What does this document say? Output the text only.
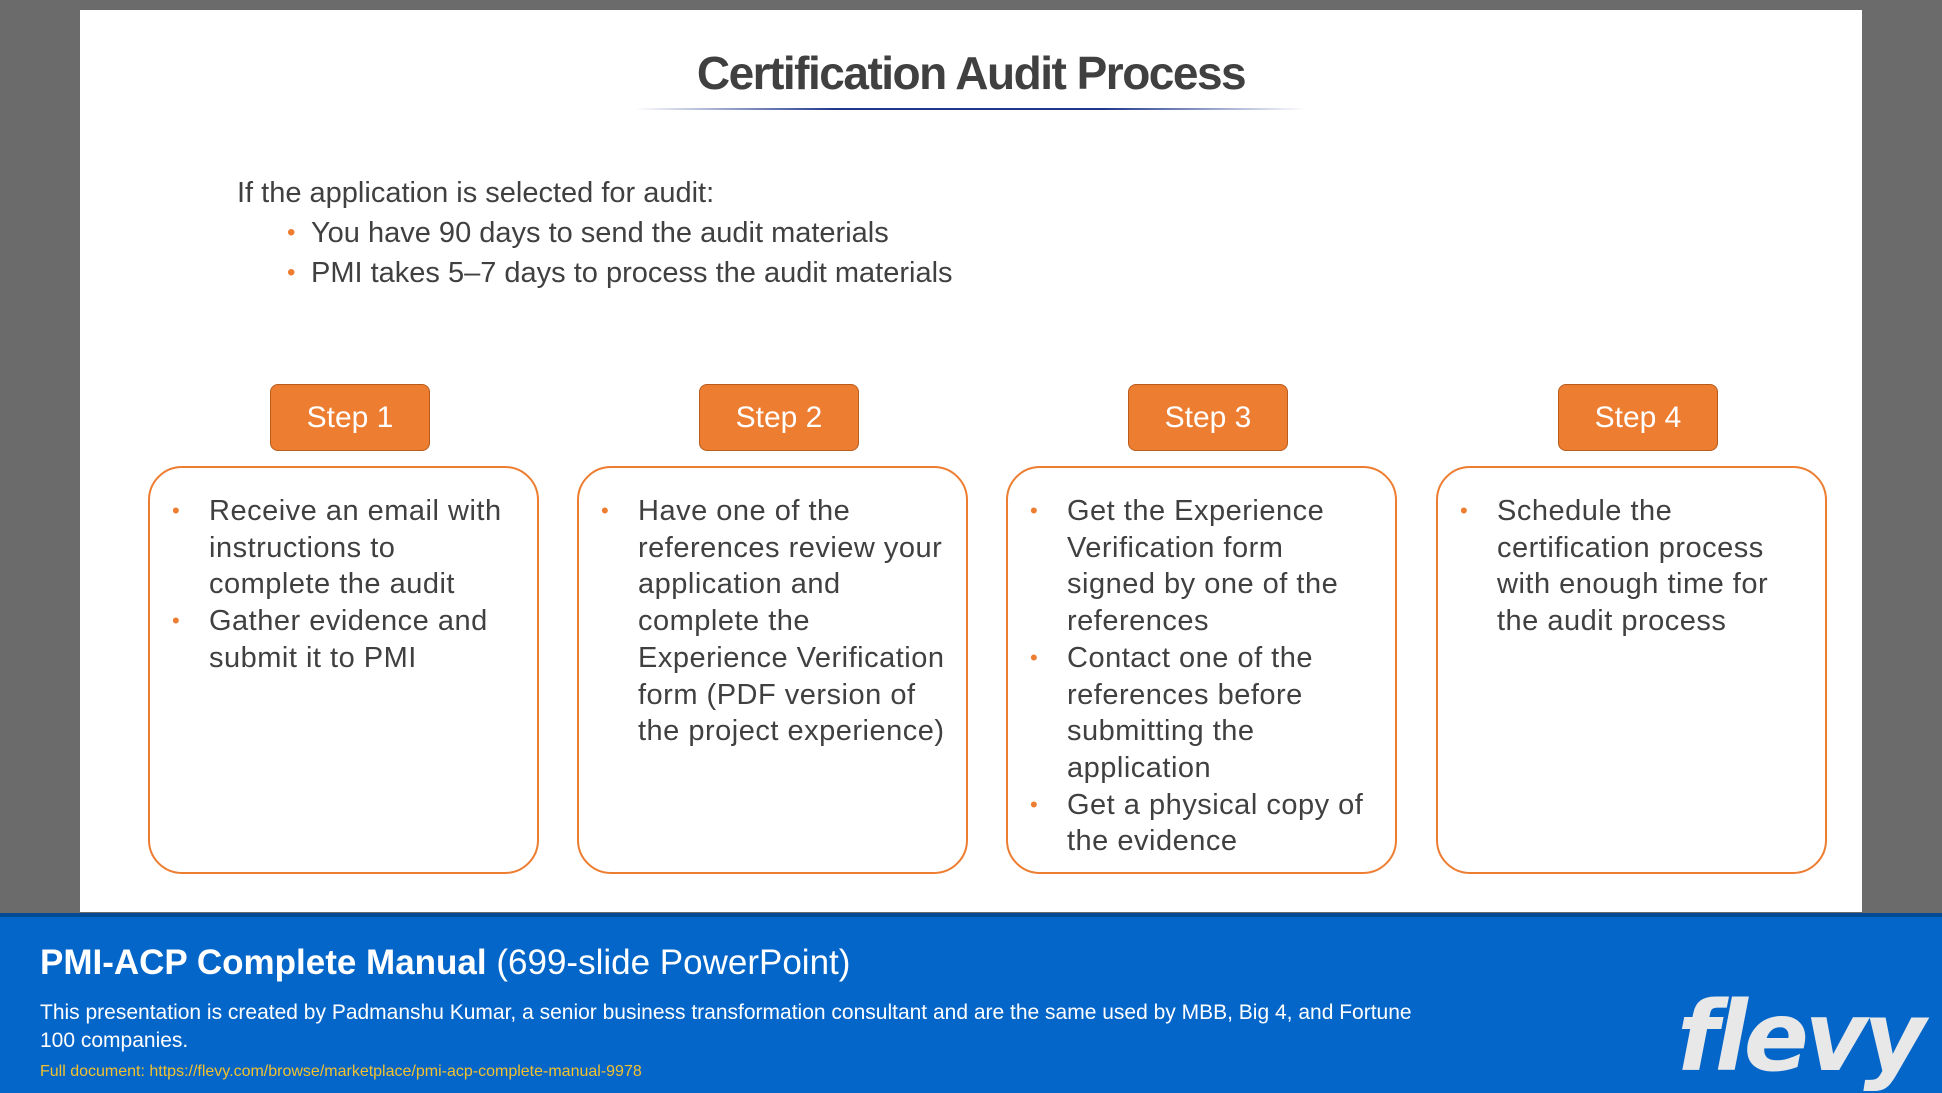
Certification Audit Process
If the application is selected for audit:
• You have 90 days to send the audit materials
• PMI takes 5–7 days to process the audit materials
Step 1
• Receive an email with instructions to complete the audit
• Gather evidence and submit it to PMI
Step 2
• Have one of the references review your application and complete the Experience Verification form (PDF version of the project experience)
Step 3
• Get the Experience Verification form signed by one of the references
• Contact one of the references before submitting the application
• Get a physical copy of the evidence
Step 4
• Schedule the certification process with enough time for the audit process
PMI-ACP Complete Manual (699-slide PowerPoint)
This presentation is created by Padmanshu Kumar, a senior business transformation consultant and are the same used by MBB, Big 4, and Fortune 100 companies.
Full document: https://flevy.com/browse/marketplace/pmi-acp-complete-manual-9978	flevy
